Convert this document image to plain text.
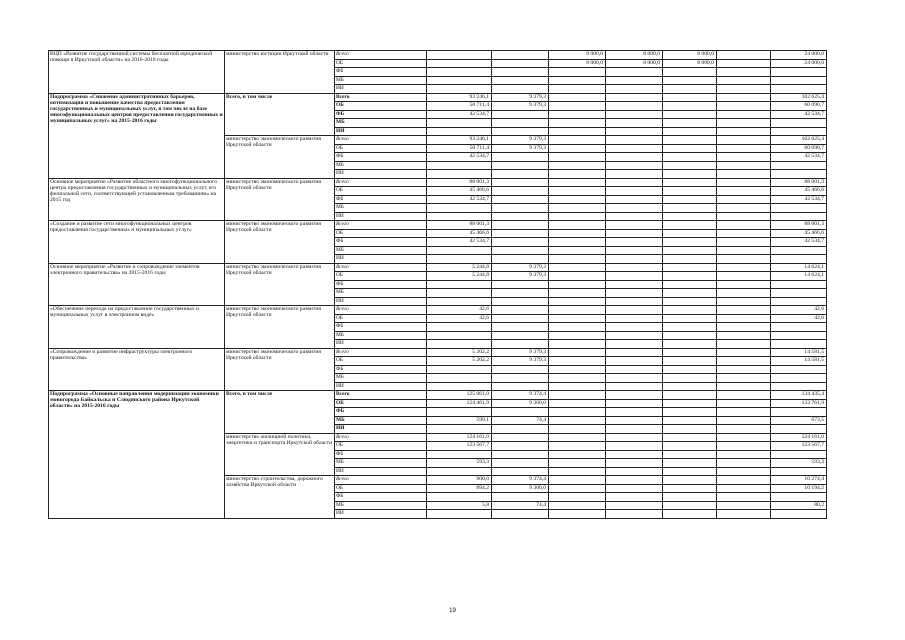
ВЦП «Развитие государственной системы бесплатной юридической помощи в Иркутской области» на 2016-2018 годы	министерство юстиции Иркутской области	Всего			8 000,0	8 000,0	8 000,0		24 000,0
		ОБ			8 000,0	8 000,0	8 000,0		24 000,0
		ФБ							
		МБ							
		ИИ							
Подпрограмма «Снижение административных барьеров, оптимизация и повышение качества предоставления государственных и муниципальных услуг, в том числе на базе многофункциональных центров предоставления государственных и муниципальных услуг» на 2015-2016 годы	Всего, в том числе	Всего	93 246,1	9 379,3					102 625,4
		ОБ	50 711,4	9 379,3					60 090,7
		ФБ	42 534,7						42 534,7
		МБ							
		ИИ							
	министерство экономического развития Иркутской области	Всего	93 246,1	9 379,3					102 625,4
		ОБ	50 711,4	9 379,3					60 090,7
		ФБ	42 534,7						42 534,7
		МБ							
		ИИ							
Основное мероприятие «Развитие областного многофункционального центра предоставления государственных и муниципальных услуг, его филиальной сети, соответствующей установленным требованиям» на 2015 год	министерство экономического развития Иркутской области	Всего	88 001,3						88 001,3
		ОБ	45 466,6						45 466,6
		ФБ	42 534,7						42 534,7
		МБ							
		ИИ							
«Создание и развитие сети многофункциональных центров предоставления государственных и муниципальных услуг»	министерство экономического развития Иркутской области	Всего	88 001,3						88 001,3
		ОБ	45 466,6						45 466,6
		ФБ	42 534,7						42 534,7
		МБ							
		ИИ							
Основное мероприятие «Развитие и сопровождение элементов электронного правительства» на 2015-2016 годы	министерство экономического развития Иркутской области	Всего	5 244,8	9 379,3					14 624,1
		ОБ	5 244,8	9 379,3					14 624,1
		ФБ							
		МБ							
		ИИ							
«Обеспечение перехода на предоставление государственных и муниципальных услуг в электронном виде»	министерство экономического развития Иркутской области	Всего	42,6						42,6
		ОБ	42,6						42,6
		ФБ							
		МБ							
		ИИ							
«Сопровождение и развитие инфраструктуры электронного правительства»	министерство экономического развития Иркутской области	Всего	5 202,2	9 379,3					14 581,5
		ОБ	5 202,2	9 379,3					14 581,5
		ФБ							
		МБ							
		ИИ							
Подпрограмма «Основные направления модернизации экономики моногорода Байкальска и Слюдянского района Иркутской области» на 2015-2016 годы	Всего, в том числе	Всего	125 061,0	9 374,4					134 435,4
		ОБ	124 461,9	9 300,0					133 761,9
		ФБ							
		МБ	599,1	74,4					673,5
		ИИ							
	министерство жилищной политики, энергетики и транспорта Иркутской области	Всего	124 161,0						124 161,0
		ОБ	123 567,7						123 567,7
		ФБ							
		МБ	593,3						593,3
		ИИ							
	министерство строительства, дорожного хозяйства Иркутской области	Всего	900,0	9 374,4					10 274,4
		ОБ	894,2	9 300,0					10 194,2
		ФБ							
		МБ	5,8	74,4					80,2
		ИИ							
19
